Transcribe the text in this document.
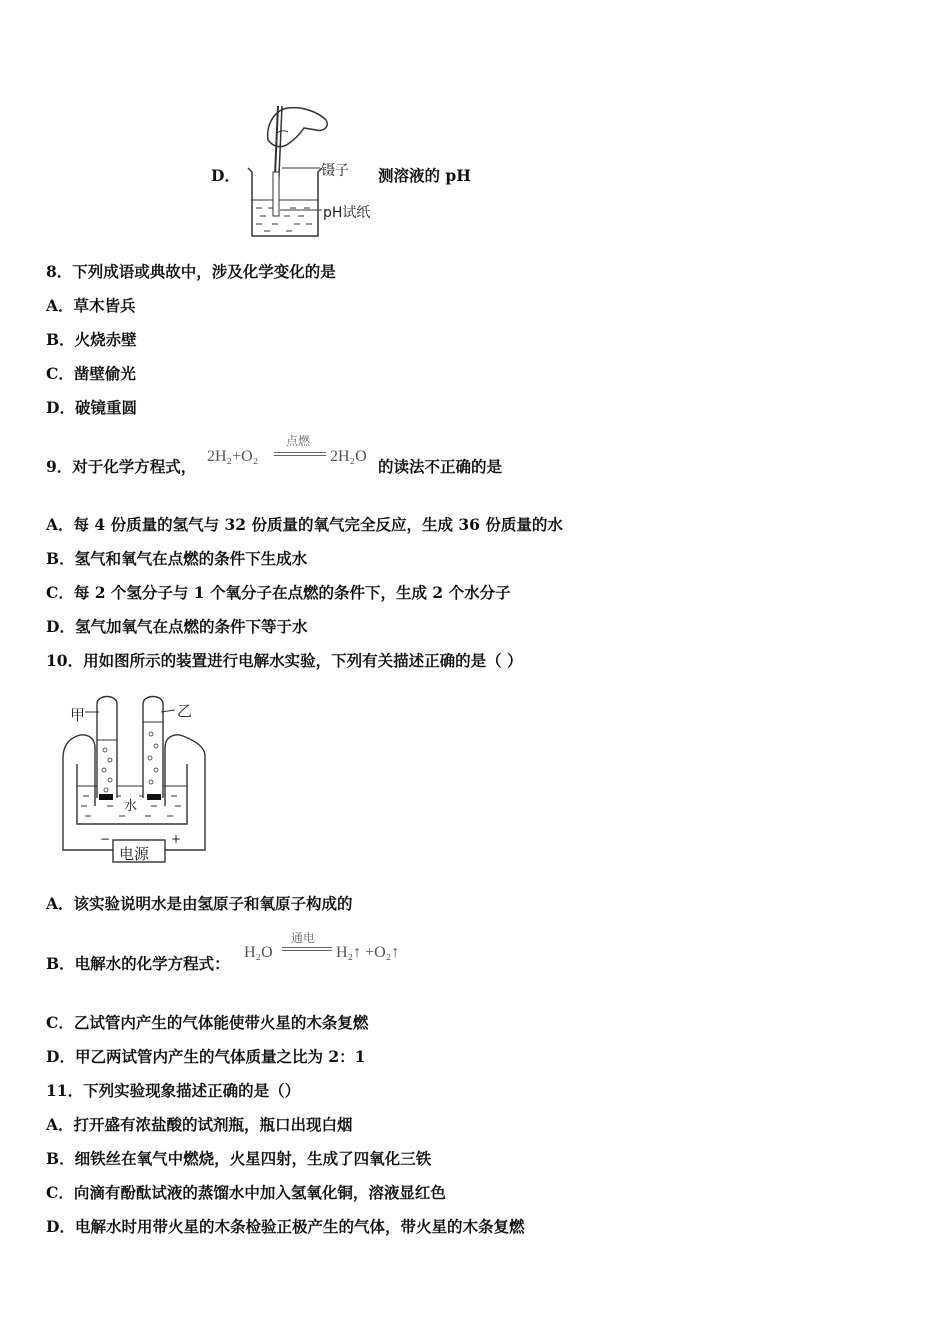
D．	镊子
pH试纸
测溶液的 pH
8．下列成语或典故中，涉及化学变化的是
A．草木皆兵
B．火烧赤壁
C．凿壁偷光
D．破镜重圆
9．对于化学方程式，
2H₂+O₂
点燃
2H₂O
的读法不正确的是
A．每 4 份质量的氢气与 32 份质量的氧气完全反应，生成 36 份质量的水
B．氢气和氧气在点燃的条件下生成水
C．每 2 个氢分子与 1 个氧分子在点燃的条件下，生成 2 个水分子
D．氢气加氧气在点燃的条件下等于水
10．用如图所示的装置进行电解水实验，下列有关描述正确的是（ ）
甲	乙
水
电源
−	+
A．该实验说明水是由氢原子和氧原子构成的
B．电解水的化学方程式：
H₂O
通电
H₂↑ +O₂↑
C．乙试管内产生的气体能使带火星的木条复燃
D．甲乙两试管内产生的气体质量之比为 2：1
11．下列实验现象描述正确的是（）
A．打开盛有浓盐酸的试剂瓶，瓶口出现白烟
B．细铁丝在氧气中燃烧，火星四射，生成了四氧化三铁
C．向滴有酚酞试液的蒸馏水中加入氢氧化铜，溶液显红色
D．电解水时用带火星的木条检验正极产生的气体，带火星的木条复燃
